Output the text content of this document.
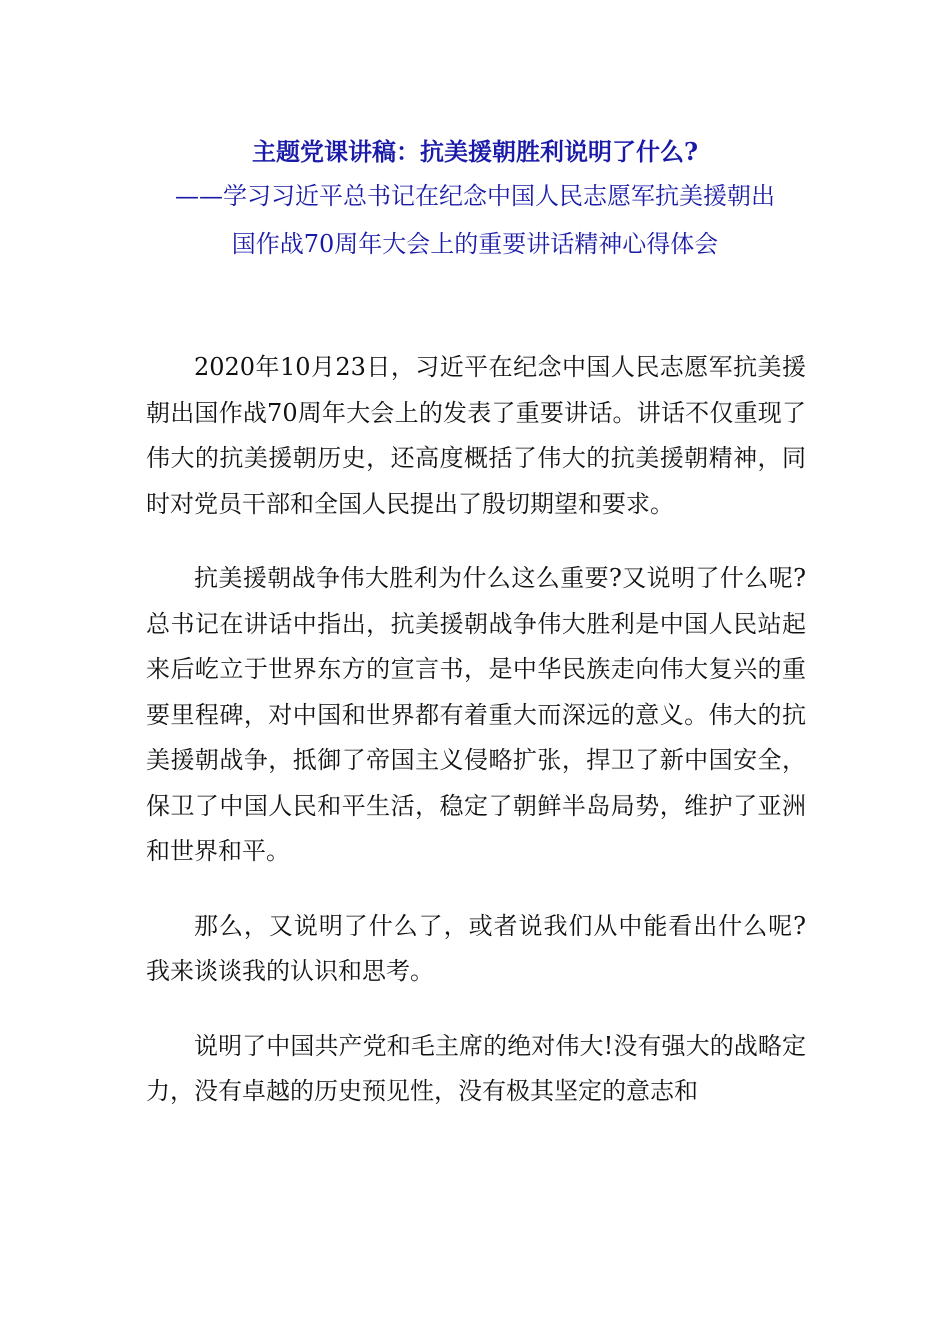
主题党课讲稿：抗美援朝胜利说明了什么?
——学习习近平总书记在纪念中国人民志愿军抗美援朝出
国作战70周年大会上的重要讲话精神心得体会

2020年10月23日，习近平在纪念中国人民志愿军抗美援朝出国作战70周年大会上的发表了重要讲话。讲话不仅重现了伟大的抗美援朝历史，还高度概括了伟大的抗美援朝精神，同时对党员干部和全国人民提出了殷切期望和要求。

抗美援朝战争伟大胜利为什么这么重要?又说明了什么呢?总书记在讲话中指出，抗美援朝战争伟大胜利是中国人民站起来后屹立于世界东方的宣言书，是中华民族走向伟大复兴的重要里程碑，对中国和世界都有着重大而深远的意义。伟大的抗美援朝战争，抵御了帝国主义侵略扩张，捍卫了新中国安全，保卫了中国人民和平生活，稳定了朝鲜半岛局势，维护了亚洲和世界和平。

那么，又说明了什么了，或者说我们从中能看出什么呢?我来谈谈我的认识和思考。

说明了中国共产党和毛主席的绝对伟大!没有强大的战略定力，没有卓越的历史预见性，没有极其坚定的意志和
